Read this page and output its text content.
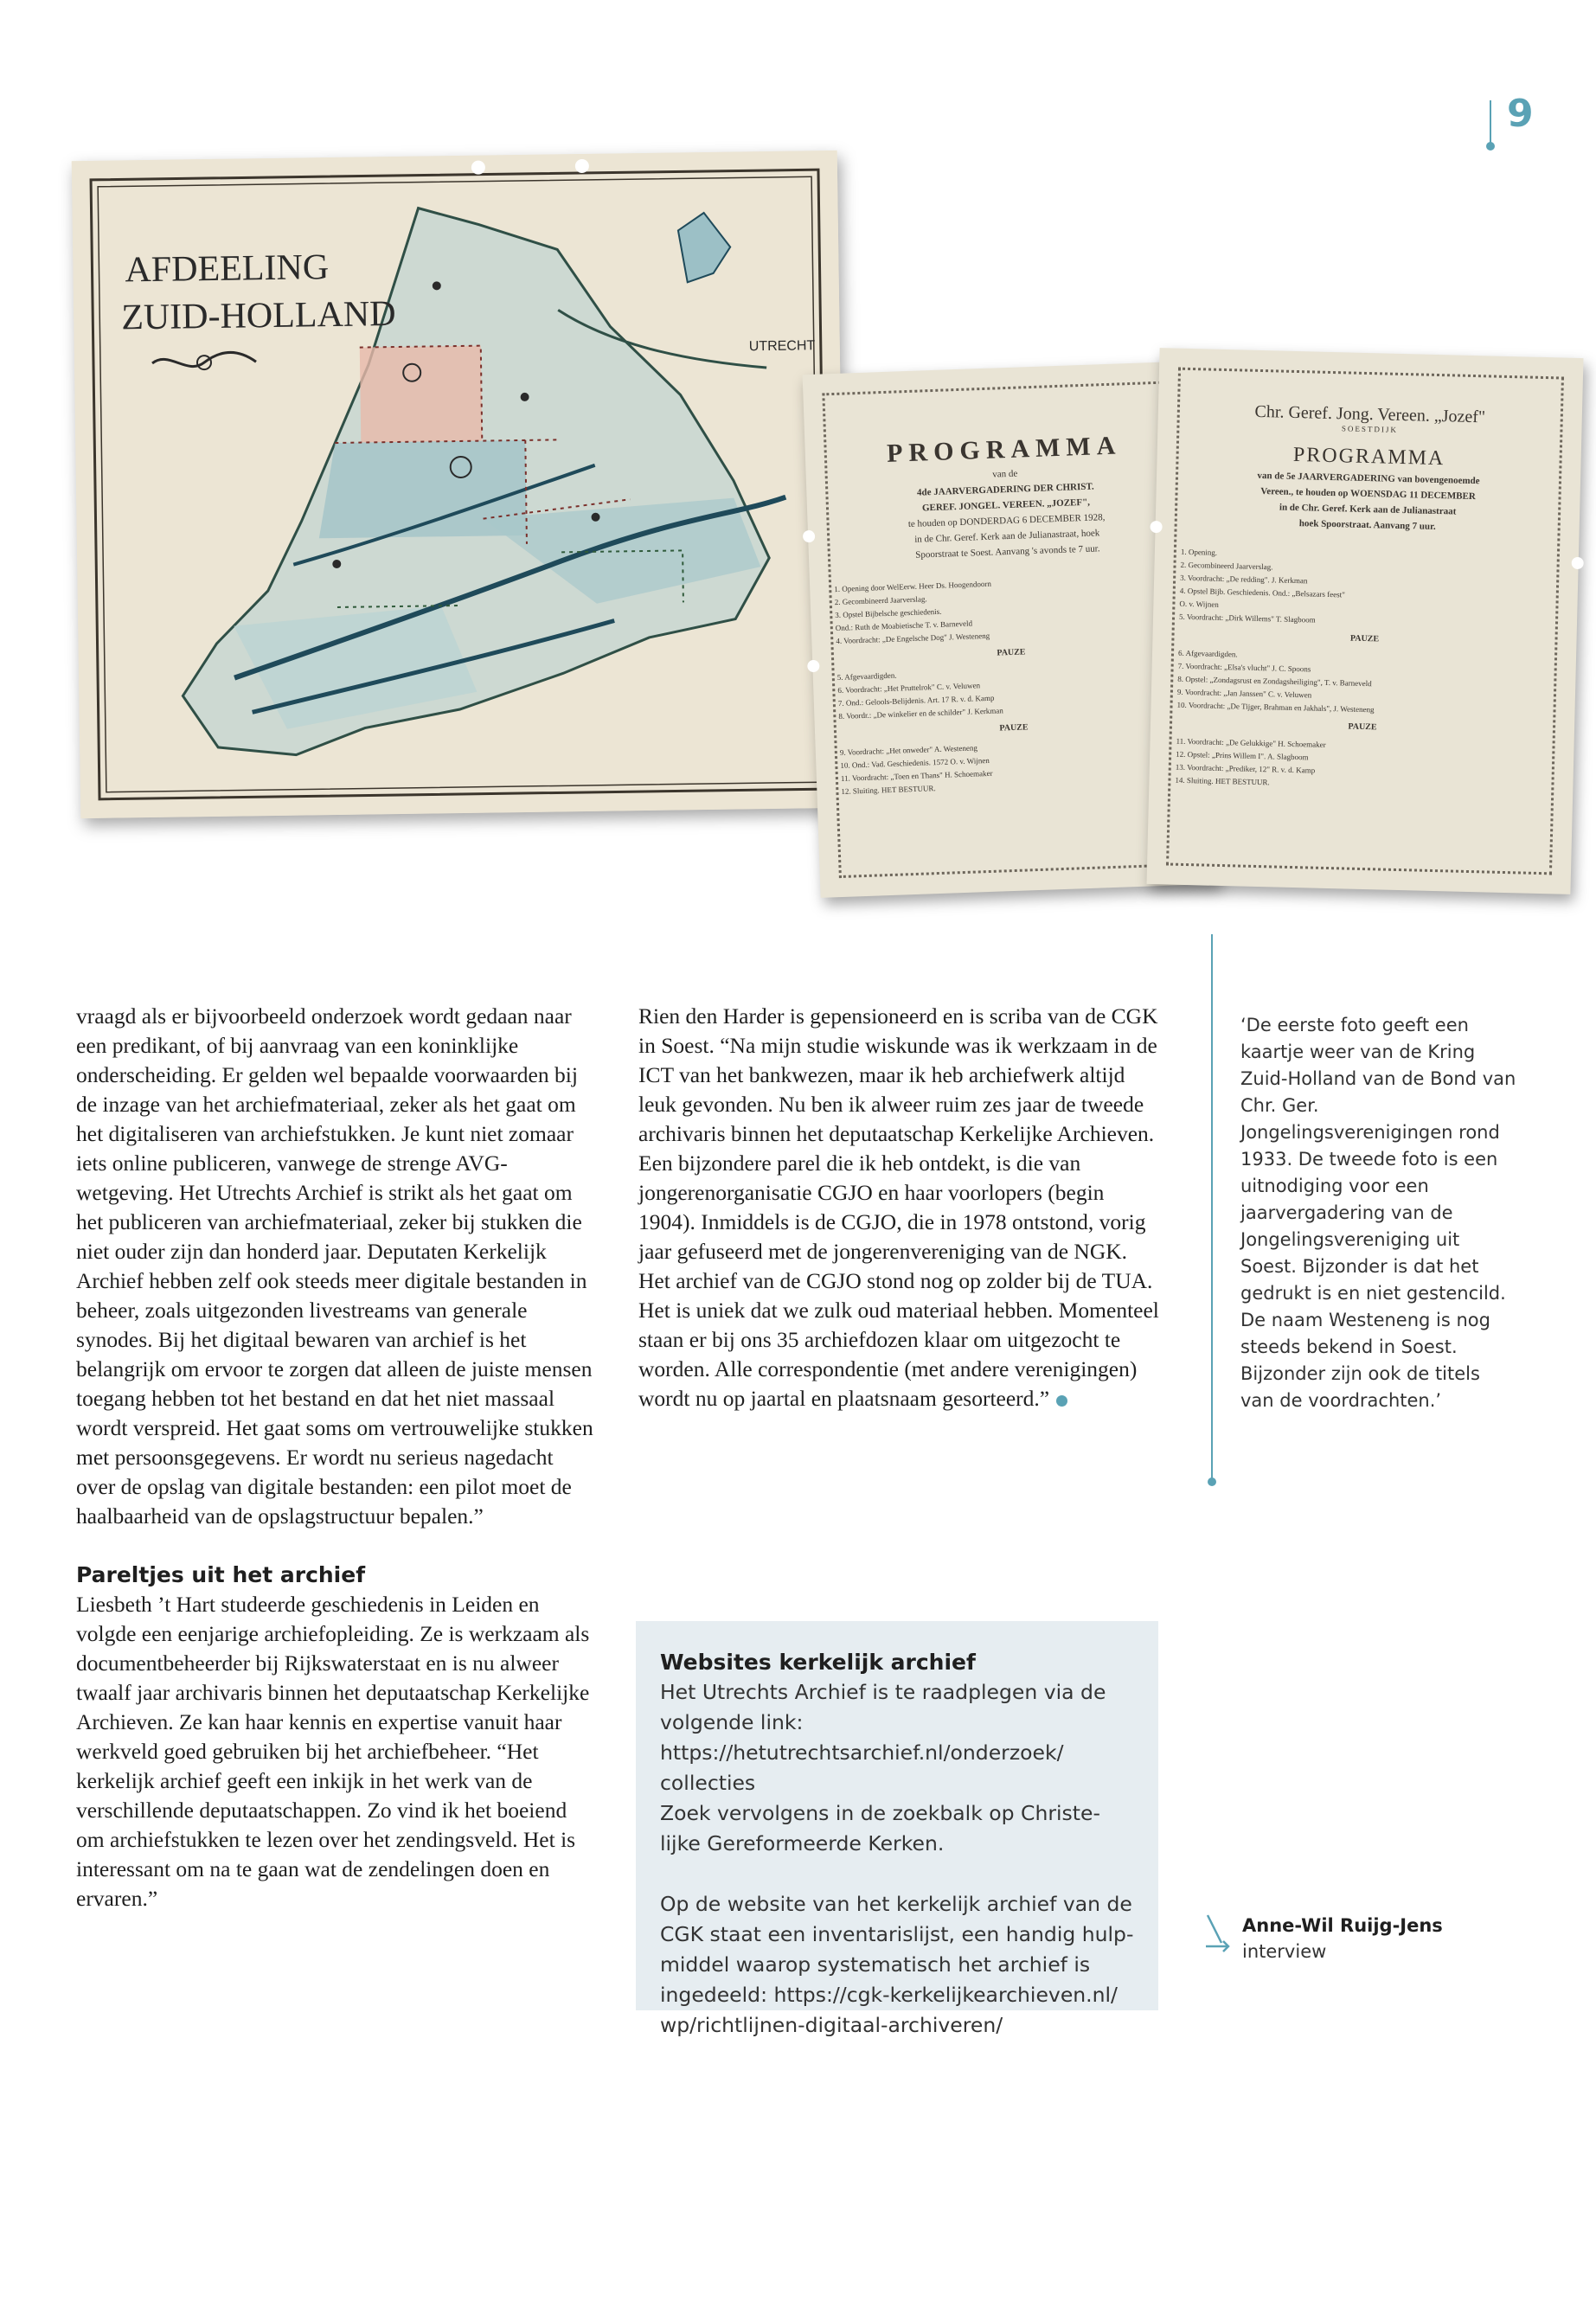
9
AFDEELING
ZUID-HOLLAND
UTRECHT
PROGRAMMA
van de
4de JAARVERGADERING DER CHRIST.
GEREF. JONGEL. VEREEN. „JOZEF",
te houden op DONDERDAG 6 DECEMBER 1928,
in de Chr. Geref. Kerk aan de Julianastraat, hoek
Spoorstraat te Soest. Aanvang 's avonds te 7 uur.
1. Opening door WelEerw. Heer Ds. Hoogendoorn
2. Gecombineerd Jaarverslag.
3. Opstel Bijbelsche geschiedenis.
Ond.: Ruth de Moabietische T. v. Barneveld
4. Voordracht: „De Engelsche Dog" J. Westeneng
PAUZE
5. Afgevaardigden.
6. Voordracht: „Het Pruttelrok" C. v. Veluwen
7. Ond.: Gelools-Belijdenis. Art. 17 R. v. d. Kamp
8. Voordr.: „De winkelier en de schilder" J. Kerkman
PAUZE
9. Voordracht: „Het onweder" A. Westeneng
10. Ond.: Vad. Geschiedenis. 1572 O. v. Wijnen
11. Voordracht: „Toen en Thans" H. Schoemaker
12. Sluiting. HET BESTUUR.
Chr. Geref. Jong. Vereen. „Jozef"
SOESTDIJK
PROGRAMMA
van de 5e JAARVERGADERING van bovengenoemde
Vereen., te houden op WOENSDAG 11 DECEMBER
in de Chr. Geref. Kerk aan de Julianastraat
hoek Spoorstraat. Aanvang 7 uur.
1. Opening.
2. Gecombineerd Jaarverslag.
3. Voordracht: „De redding". J. Kerkman
4. Opstel Bijb. Geschiedenis. Ond.: „Belsazars feest"
O. v. Wijnen
5. Voordracht: „Dirk Willems" T. Slagboom
PAUZE
6. Afgevaardigden.
7. Voordracht: „Elsa's vlucht" J. C. Spoons
8. Opstel: „Zondagsrust en Zondagsheiliging", T. v. Barneveld
9. Voordracht: „Jan Janssen" C. v. Veluwen
10. Voordracht: „De Tijger, Brahman en Jakhals", J. Westeneng
PAUZE
11. Voordracht: „De Gelukkige" H. Schoemaker
12. Opstel: „Prins Willem I". A. Slagboom
13. Voordracht: „Prediker, 12" R. v. d. Kamp
14. Sluiting. HET BESTUUR.

vraagd als er bijvoorbeeld onderzoek wordt gedaan naar een predikant, of bij aanvraag van een koninklijke onderscheiding. Er gelden wel bepaalde voorwaarden bij de inzage van het archiefmateriaal, zeker als het gaat om het digitaliseren van archiefstukken. Je kunt niet zomaar iets online publiceren, vanwege de strenge AVG-wetgeving. Het Utrechts Archief is strikt als het gaat om het publiceren van archiefmateriaal, zeker bij stukken die niet ouder zijn dan honderd jaar. Deputaten Kerkelijk Archief hebben zelf ook steeds meer digitale bestanden in beheer, zoals uitgezonden livestreams van generale synodes. Bij het digitaal bewaren van archief is het belangrijk om ervoor te zorgen dat alleen de juiste mensen toegang hebben tot het bestand en dat het niet massaal wordt verspreid. Het gaat soms om vertrouwelijke stukken met persoonsgegevens. Er wordt nu serieus nagedacht over de opslag van digitale bestanden: een pilot moet de haalbaarheid van de opslagstructuur bepalen.”

Pareltjes uit het archief

Liesbeth ’t Hart studeerde geschiedenis in Leiden en volgde een eenjarige archiefopleiding. Ze is werkzaam als documentbeheerder bij Rijkswaterstaat en is nu alweer twaalf jaar archivaris binnen het deputaatschap Kerkelijke Archieven. Ze kan haar kennis en expertise vanuit haar werkveld goed gebruiken bij het archiefbeheer. “Het kerkelijk archief geeft een inkijk in het werk van de verschillende deputaatschappen. Zo vind ik het boeiend om archiefstukken te lezen over het zendingsveld. Het is interessant om na te gaan wat de zendelingen doen en ervaren.”

Rien den Harder is gepensioneerd en is scriba van de CGK in Soest. “Na mijn studie wiskunde was ik werkzaam in de ICT van het bankwezen, maar ik heb archiefwerk altijd leuk gevonden. Nu ben ik alweer ruim zes jaar de tweede archivaris binnen het deputaatschap Kerkelijke Archieven. Een bijzondere parel die ik heb ontdekt, is die van jongerenorganisatie CGJO en haar voorlopers (begin 1904). Inmiddels is de CGJO, die in 1978 ontstond, vorig jaar gefuseerd met de jongerenvereniging van de NGK. Het archief van de CGJO stond nog op zolder bij de TUA. Het is uniek dat we zulk oud materiaal hebben. Momenteel staan er bij ons 35 archiefdozen klaar om uitgezocht te worden. Alle correspondentie (met andere verenigingen) wordt nu op jaartal en plaatsnaam gesorteerd.”

‘De eerste foto geeft een kaartje weer van de Kring Zuid-Holland van de Bond van Chr. Ger. Jongelingsverenigingen rond 1933. De tweede foto is een uitnodiging voor een jaarvergadering van de Jongelingsvereniging uit Soest. Bijzonder is dat het gedrukt is en niet gestencild. De naam Westeneng is nog steeds bekend in Soest. Bijzonder zijn ook de titels van de voordrachten.’
Websites kerkelijk archief
Het Utrechts Archief is te raadplegen via de
volgende link:
https://hetutrechtsarchief.nl/onderzoek/
collecties
Zoek vervolgens in de zoekbalk op Christe-
lijke Gereformeerde Kerken.
Op de website van het kerkelijk archief van de
CGK staat een inventarislijst, een handig hulp-
middel waarop systematisch het archief is
ingedeeld: https://cgk-kerkelijkearchieven.nl/
wp/richtlijnen-digitaal-archiveren/
Anne-Wil Ruijg-Jens
interview
